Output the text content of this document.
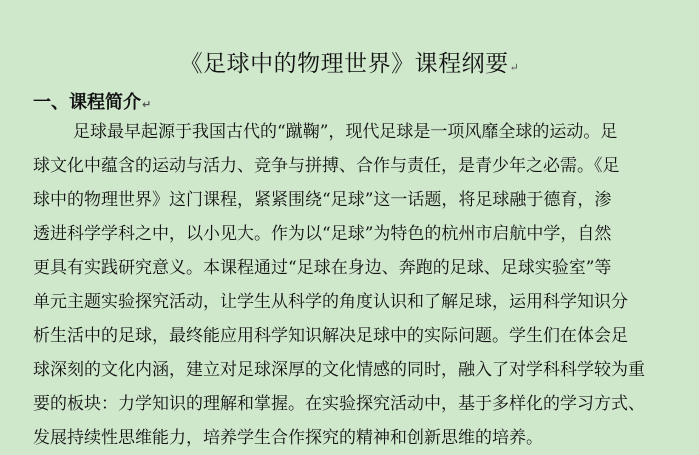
《足球中的物理世界》课程纲要↵
一、课程简介↵
足球最早起源于我国古代的“蹴鞠”，现代足球是一项风靡全球的运动。足
球文化中蕴含的运动与活力、竞争与拼搏、合作与责任，是青少年之必需。《足
球中的物理世界》这门课程，紧紧围绕“足球”这一话题，将足球融于德育，渗
透进科学学科之中，以小见大。作为以“足球”为特色的杭州市启航中学，自然
更具有实践研究意义。本课程通过“足球在身边、奔跑的足球、足球实验室”等
单元主题实验探究活动，让学生从科学的角度认识和了解足球，运用科学知识分
析生活中的足球，最终能应用科学知识解决足球中的实际问题。学生们在体会足
球深刻的文化内涵，建立对足球深厚的文化情感的同时，融入了对学科科学较为重
要的板块：力学知识的理解和掌握。在实验探究活动中，基于多样化的学习方式、
发展持续性思维能力，培养学生合作探究的精神和创新思维的培养。
